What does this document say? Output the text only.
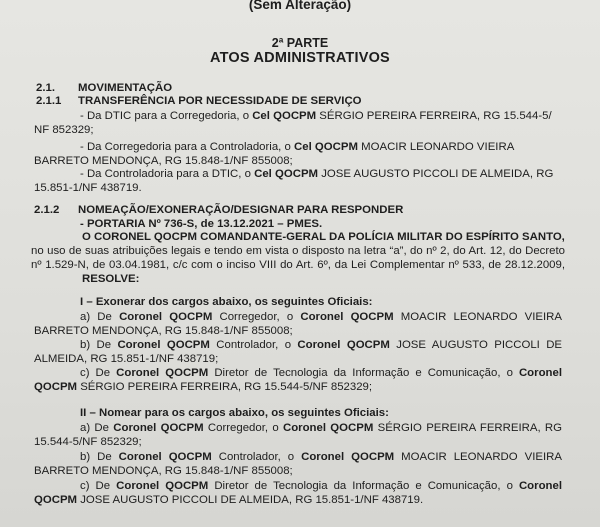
(Sem Alteração)
2ª PARTE
ATOS ADMINISTRATIVOS
2.1. MOVIMENTAÇÃO
2.1.1 TRANSFERÊNCIA POR NECESSIDADE DE SERVIÇO
- Da DTIC para a Corregedoria, o Cel QOCPM SÉRGIO PEREIRA FERREIRA, RG 15.544-5/
NF 852329;
- Da Corregedoria para a Controladoria, o Cel QOCPM MOACIR LEONARDO VIEIRA
BARRETO MENDONÇA, RG 15.848-1/NF 855008;
- Da Controladoria para a DTIC, o Cel QOCPM JOSE AUGUSTO PICCOLI DE ALMEIDA, RG
15.851-1/NF 438719.
2.1.2 NOMEAÇÃO/EXONERAÇÃO/DESIGNAR PARA RESPONDER
- PORTARIA Nº 736-S, de 13.12.2021 – PMES.
O CORONEL QOCPM COMANDANTE-GERAL DA POLÍCIA MILITAR DO ESPÍRITO SANTO,
no uso de suas atribuições legais e tendo em vista o disposto na letra “a”, do nº 2, do Art. 12, do Decreto
nº 1.529-N, de 03.04.1981, c/c com o inciso VIII do Art. 6º, da Lei Complementar nº 533, de 28.12.2009,
RESOLVE:
I – Exonerar dos cargos abaixo, os seguintes Oficiais:
a) De Coronel QOCPM Corregedor, o Coronel QOCPM MOACIR LEONARDO VIEIRA
BARRETO MENDONÇA, RG 15.848-1/NF 855008;
b) De Coronel QOCPM Controlador, o Coronel QOCPM JOSE AUGUSTO PICCOLI DE
ALMEIDA, RG 15.851-1/NF 438719;
c) De Coronel QOCPM Diretor de Tecnologia da Informação e Comunicação, o Coronel
QOCPM SÉRGIO PEREIRA FERREIRA, RG 15.544-5/NF 852329;
II – Nomear para os cargos abaixo, os seguintes Oficiais:
a) De Coronel QOCPM Corregedor, o Coronel QOCPM SÉRGIO PEREIRA FERREIRA, RG
15.544-5/NF 852329;
b) De Coronel QOCPM Controlador, o Coronel QOCPM MOACIR LEONARDO VIEIRA
BARRETO MENDONÇA, RG 15.848-1/NF 855008;
c) De Coronel QOCPM Diretor de Tecnologia da Informação e Comunicação, o Coronel
QOCPM JOSE AUGUSTO PICCOLI DE ALMEIDA, RG 15.851-1/NF 438719.
